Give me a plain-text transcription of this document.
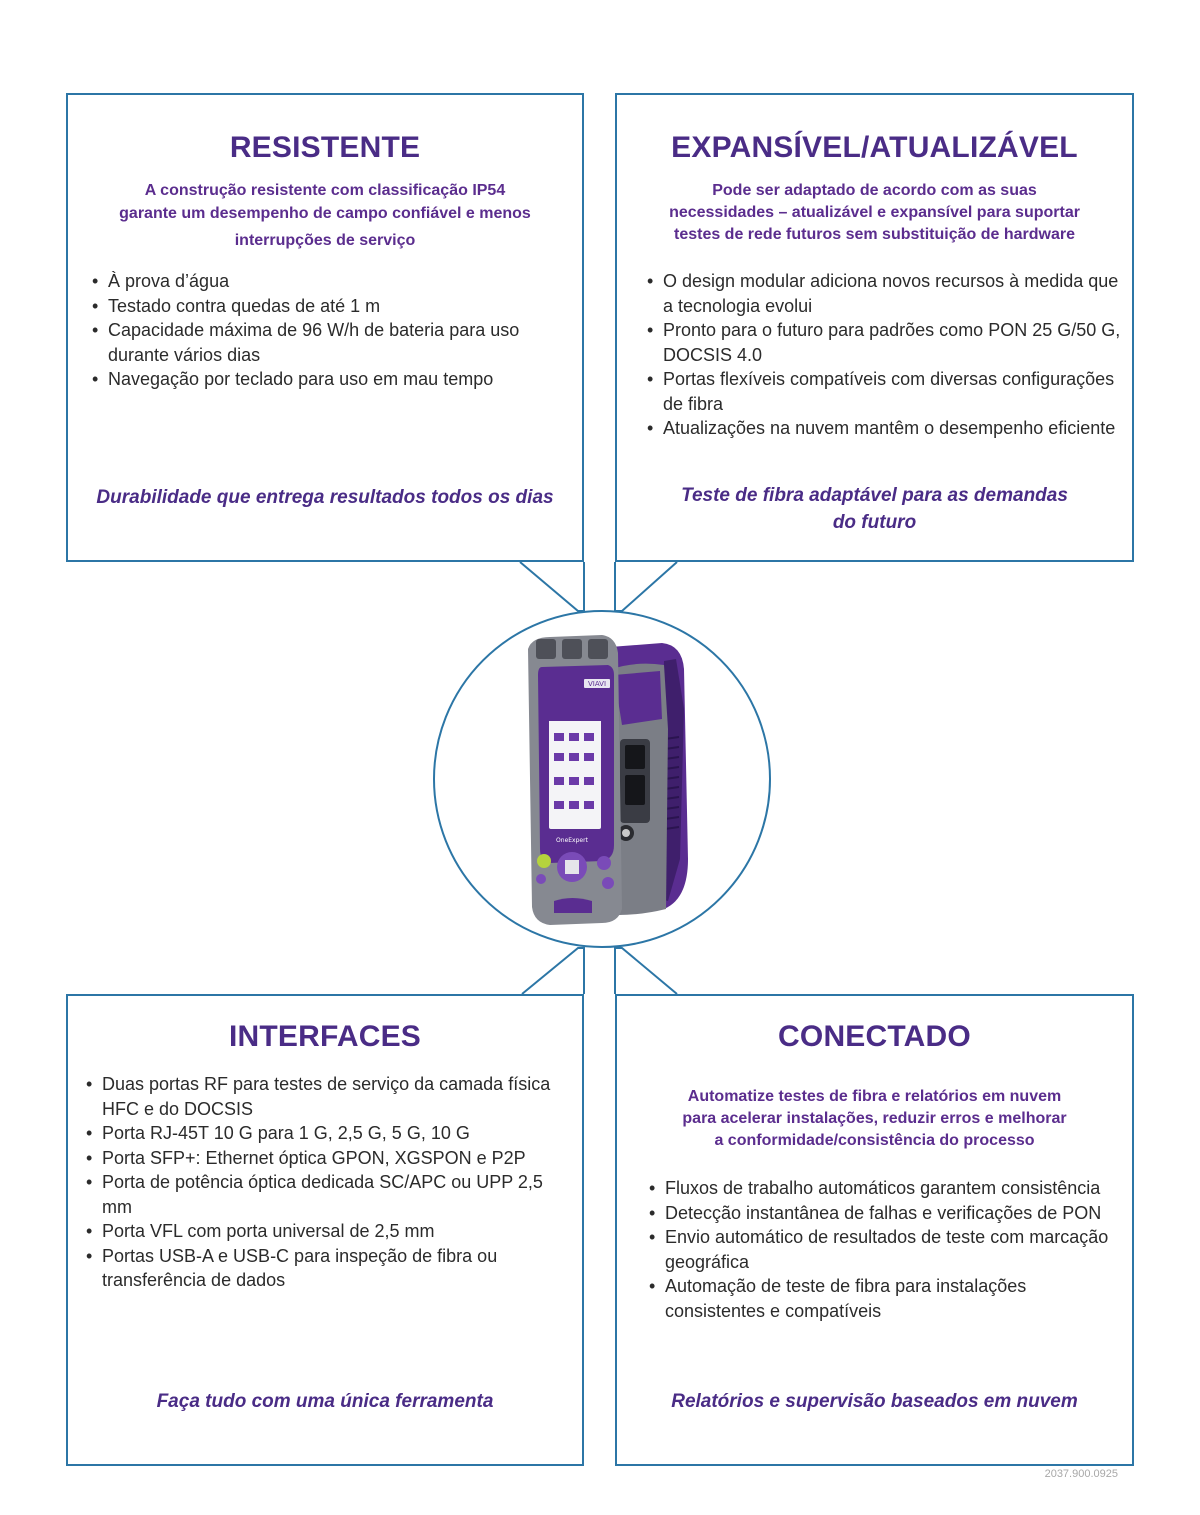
RESISTENTE

A construção resistente com classificação IP54
garante um desempenho de campo confiável e menos
interrupções de serviço

• À prova d’água
• Testado contra quedas de até 1 m
• Capacidade máxima de 96 W/h de bateria para uso durante vários dias
• Navegação por teclado para uso em mau tempo
Durabilidade que entrega resultados todos os dias
EXPANSÍVEL/ATUALIZÁVEL

Pode ser adaptado de acordo com as suas
necessidades – atualizável e expansível para suportar
testes de rede futuros sem substituição de hardware

• O design modular adiciona novos recursos à medida que a tecnologia evolui
• Pronto para o futuro para padrões como PON 25 G/50 G, DOCSIS 4.0
• Portas flexíveis compatíveis com diversas configurações de fibra
• Atualizações na nuvem mantêm o desempenho eficiente
Teste de fibra adaptável para as demandas
do futuro
INTERFACES
• Duas portas RF para testes de serviço da camada física HFC e do DOCSIS
• Porta RJ-45T 10 G para 1 G, 2,5 G, 5 G, 10 G
• Porta SFP+: Ethernet óptica GPON, XGSPON e P2P
• Porta de potência óptica dedicada SC/APC ou UPP 2,5 mm
• Porta VFL com porta universal de 2,5 mm
• Portas USB-A e USB-C para inspeção de fibra ou transferência de dados
Faça tudo com uma única ferramenta
CONECTADO

Automatize testes de fibra e relatórios em nuvem
para acelerar instalações, reduzir erros e melhorar
a conformidade/consistência do processo

• Fluxos de trabalho automáticos garantem consistência
• Detecção instantânea de falhas e verificações de PON
• Envio automático de resultados de teste com marcação geográfica
• Automação de teste de fibra para instalações consistentes e compatíveis
Relatórios e supervisão baseados em nuvem
VIAVI
OneExpert
2037.900.0925
